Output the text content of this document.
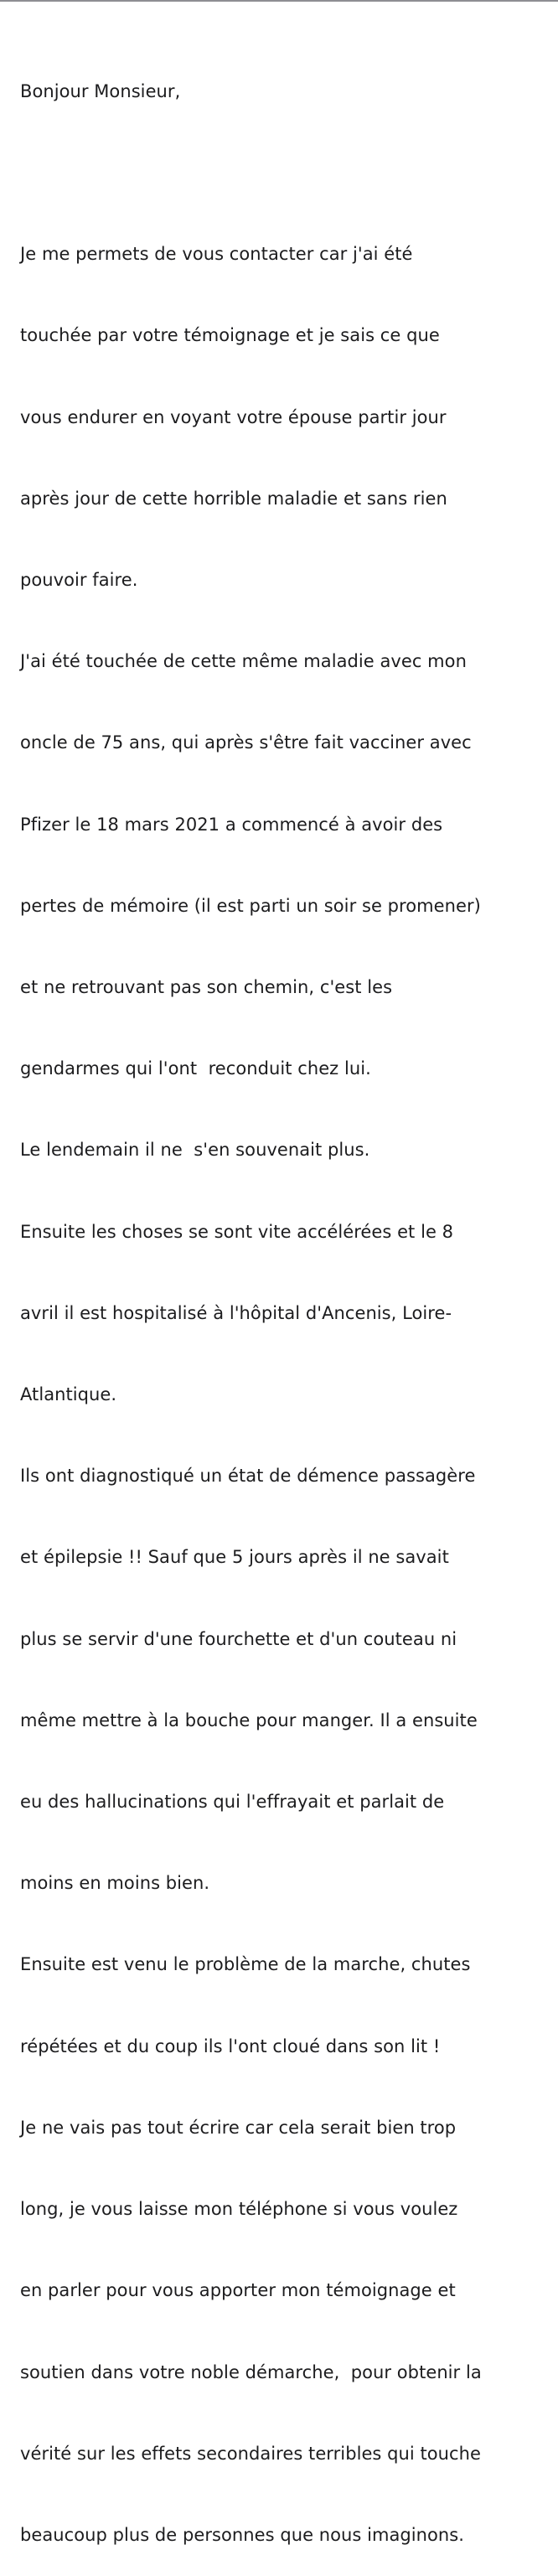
Bonjour Monsieur,

Je me permets de vous contacter car j'ai été

touchée par votre témoignage et je sais ce que

vous endurer en voyant votre épouse partir jour

après jour de cette horrible maladie et sans rien

pouvoir faire.

J'ai été touchée de cette même maladie avec mon

oncle de 75 ans, qui après s'être fait vacciner avec

Pfizer le 18 mars 2021 a commencé à avoir des

pertes de mémoire (il est parti un soir se promener)

et ne retrouvant pas son chemin, c'est les

gendarmes qui l'ont  reconduit chez lui.

Le lendemain il ne  s'en souvenait plus.

Ensuite les choses se sont vite accélérées et le 8

avril il est hospitalisé à l'hôpital d'Ancenis, Loire-

Atlantique.

Ils ont diagnostiqué un état de démence passagère

et épilepsie !! Sauf que 5 jours après il ne savait

plus se servir d'une fourchette et d'un couteau ni

même mettre à la bouche pour manger. Il a ensuite

eu des hallucinations qui l'effrayait et parlait de

moins en moins bien.

Ensuite est venu le problème de la marche, chutes

répétées et du coup ils l'ont cloué dans son lit !

Je ne vais pas tout écrire car cela serait bien trop

long, je vous laisse mon téléphone si vous voulez

en parler pour vous apporter mon témoignage et

soutien dans votre noble démarche,  pour obtenir la

vérité sur les effets secondaires terribles qui touche

beaucoup plus de personnes que nous imaginons.
